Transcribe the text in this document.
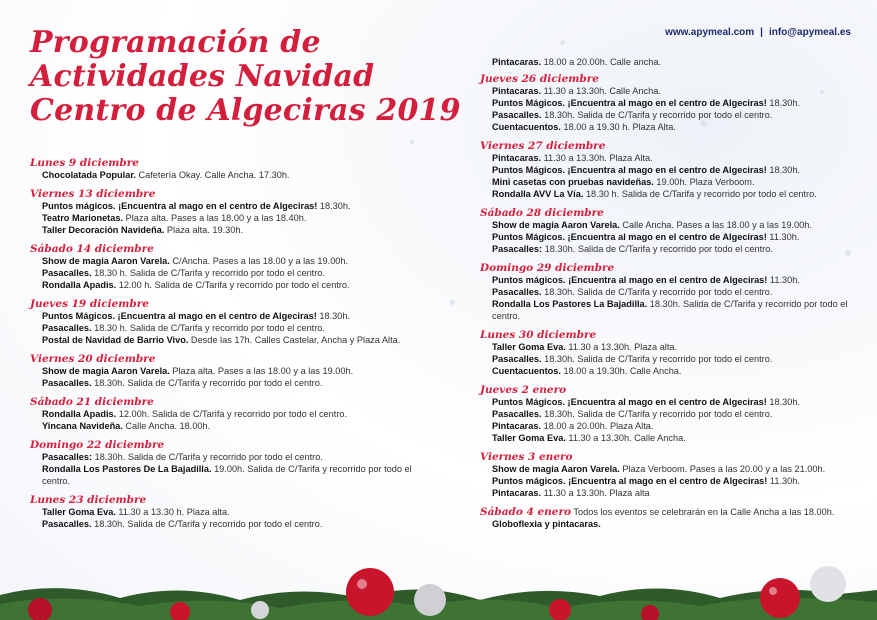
www.apymeal.com | info@apymeal.es
Programación de
Actividades Navidad
Centro de Algeciras 2019
Lunes 9 diciembre
Chocolatada Popular. Cafetería Okay. Calle Ancha. 17.30h.
Viernes 13 diciembre
Puntos mágicos. ¡Encuentra al mago en el centro de Algeciras! 18.30h.
Teatro Marionetas. Plaza alta. Pases a las 18.00 y a las 18.40h.
Taller Decoración Navideña. Plaza alta. 19.30h.
Sábado 14 diciembre
Show de magia Aaron Varela. C/Ancha. Pases a las 18.00 y a las 19.00h.
Pasacalles. 18.30 h. Salida de C/Tarifa y recorrido por todo el centro.
Rondalla Apadis. 12.00 h. Salida de C/Tarifa y recorrido por todo el centro.
Jueves 19 diciembre
Puntos Mágicos. ¡Encuentra al mago en el centro de Algeciras! 18.30h.
Pasacalles. 18.30 h. Salida de C/Tarifa y recorrido por todo el centro.
Postal de Navidad de Barrio Vivo. Desde las 17h. Calles Castelar, Ancha y Plaza Alta.
Viernes 20 diciembre
Show de magia Aaron Varela. Plaza alta. Pases a las 18.00 y a las 19.00h.
Pasacalles. 18.30h. Salida de C/Tarifa y recorrido por todo el centro.
Sábado 21 diciembre
Rondalla Apadis. 12.00h. Salida de C/Tarifa y recorrido por todo el centro.
Yincana Navideña. Calle Ancha. 18.00h.
Domingo 22 diciembre
Pasacalles: 18.30h. Salida de C/Tarifa y recorrido por todo el centro.
Rondalla Los Pastores De La Bajadilla. 19.00h. Salida de C/Tarifa y recorrido por todo el centro.
Lunes 23 diciembre
Taller Goma Eva. 11.30 a 13.30 h. Plaza alta.
Pasacalles. 18.30h. Salida de C/Tarifa y recorrido por todo el centro.
Pintacaras. 18.00 a 20.00h. Calle ancha.
Jueves 26 diciembre
Pintacaras. 11.30 a 13.30h. Calle Ancha.
Puntos Mágicos. ¡Encuentra al mago en el centro de Algeciras! 18.30h.
Pasacalles. 18.30h. Salida de C/Tarifa y recorrido por todo el centro.
Cuentacuentos. 18.00 a 19.30 h. Plaza Alta.
Viernes 27 diciembre
Pintacaras. 11.30 a 13.30h. Plaza Alta.
Puntos Mágicos. ¡Encuentra al mago en el centro de Algeciras! 18.30h.
Mini casetas con pruebas navideñas. 19.00h. Plaza Verboom.
Rondalla AVV La Vía. 18.30 h. Salida de C/Tarifa y recorrido por todo el centro.
Sábado 28 diciembre
Show de magia Aaron Varela. Calle Ancha. Pases a las 18.00 y a las 19.00h.
Puntos Mágicos. ¡Encuentra al mago en el centro de Algeciras! 11.30h.
Pasacalles: 18.30h. Salida de C/Tarifa y recorrido por todo el centro.
Domingo 29 diciembre
Puntos mágicos. ¡Encuentra al mago en el centro de Algeciras! 11.30h.
Pasacalles. 18.30h. Salida de C/Tarifa y recorrido por todo el centro.
Rondalla Los Pastores La Bajadilla. 18.30h. Salida de C/Tarifa y recorrido por todo el centro.
Lunes 30 diciembre
Taller Goma Eva. 11.30 a 13.30h. Plaza alta.
Pasacalles. 18.30h. Salida de C/Tarifa y recorrido por todo el centro.
Cuentacuentos. 18.00 a 19.30h. Calle Ancha.
Jueves 2 enero
Puntos Mágicos. ¡Encuentra al mago en el centro de Algeciras! 18.30h.
Pasacalles. 18.30h. Salida de C/Tarifa y recorrido por todo el centro.
Pintacaras. 18.00 a 20.00h. Plaza Alta.
Taller Goma Eva. 11.30 a 13.30h. Calle Ancha.
Viernes 3 enero
Show de magia Aaron Varela. Plaza Verboom. Pases a las 20.00 y a las 21.00h.
Puntos mágicos. ¡Encuentra al mago en el centro de Algeciras! 11.30h.
Pintacaras. 11.30 a 13.30h. Plaza alta
Sábado 4 enero Todos los eventos se celebrarán en la Calle Ancha a las 18.00h.
Globoflexia y pintacaras.
